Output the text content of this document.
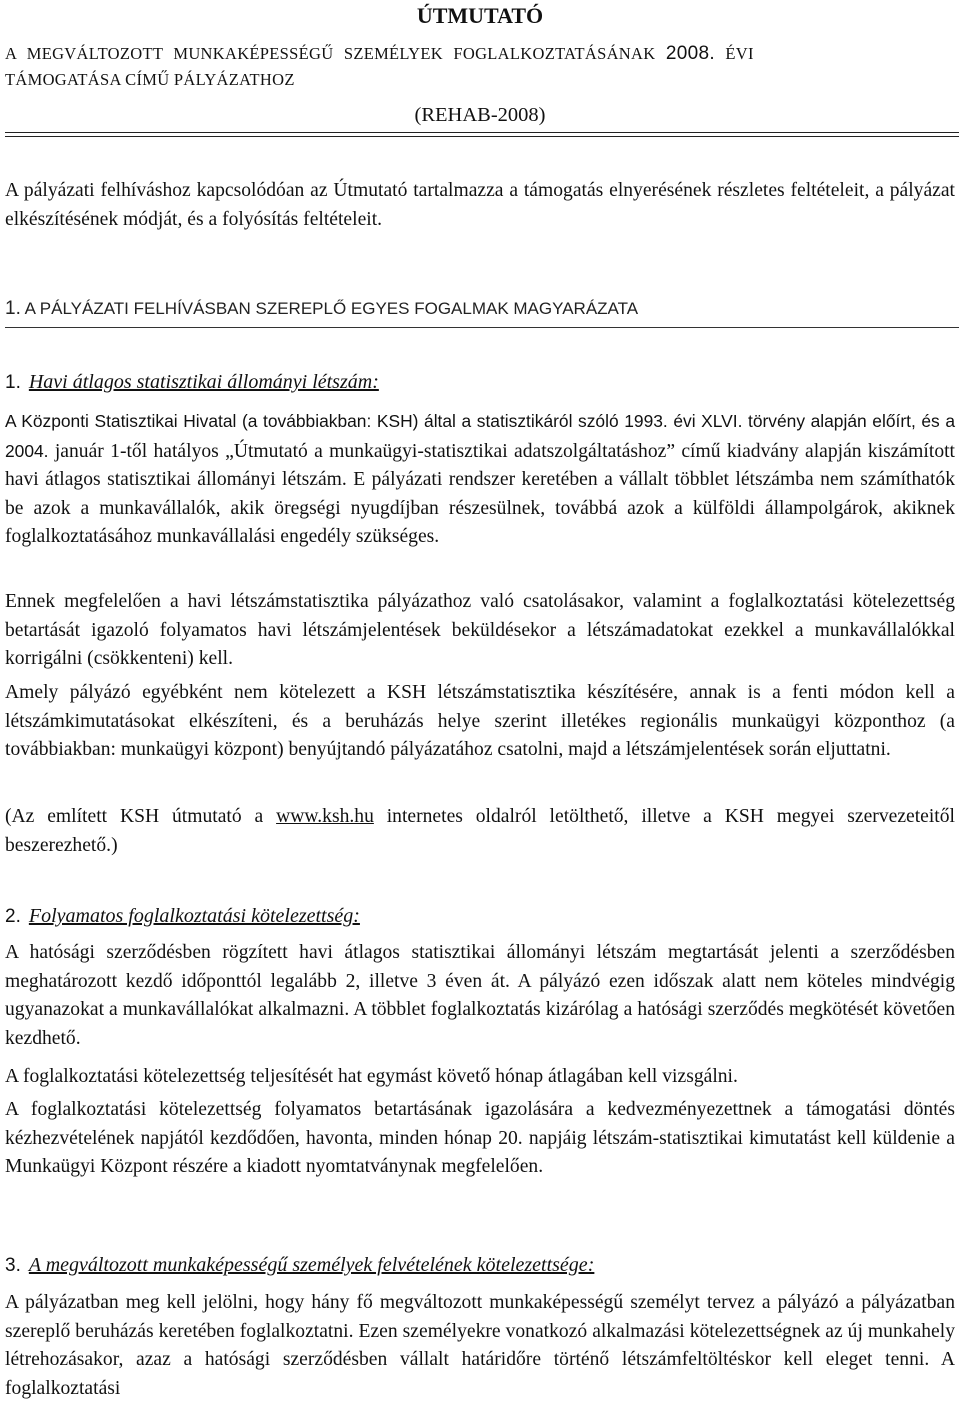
ÚTMUTATÓ
A MEGVÁLTOZOTT MUNKAKÉPESSÉGŰ SZEMÉLYEK FOGLALKOZTATÁSÁNAK 2008. ÉVI
TÁMOGATÁSA CÍMŰ PÁLYÁZATHOZ
(REHAB-2008)

A pályázati felhíváshoz kapcsolódóan az Útmutató tartalmazza a támogatás elnyerésének részletes feltételeit, a pályázat elkészítésének módját, és a folyósítás feltételeit.

1. A PÁLYÁZATI FELHÍVÁSBAN SZEREPLŐ EGYES FOGALMAK MAGYARÁZATA
1. Havi átlagos statisztikai állományi létszám:

A Központi Statisztikai Hivatal (a továbbiakban: KSH) által a statisztikáról szóló 1993. évi XLVI. törvény alapján előírt, és a 2004. január 1-től hatályos „Útmutató a munkaügyi-statisztikai adatszolgáltatáshoz” című kiadvány alapján kiszámított havi átlagos statisztikai állományi létszám. E pályázati rendszer keretében a vállalt többlet létszámba nem számíthatók be azok a munkavállalók, akik öregségi nyugdíjban részesülnek, továbbá azok a külföldi állampolgárok, akiknek foglalkoztatásához munkavállalási engedély szükséges.

Ennek megfelelően a havi létszámstatisztika pályázathoz való csatolásakor, valamint a foglalkoztatási kötelezettség betartását igazoló folyamatos havi létszámjelentések beküldésekor a létszámadatokat ezekkel a munkavállalókkal korrigálni (csökkenteni) kell.

Amely pályázó egyébként nem kötelezett a KSH létszámstatisztika készítésére, annak is a fenti módon kell a létszámkimutatásokat elkészíteni, és a beruházás helye szerint illetékes regionális munkaügyi központhoz (a továbbiakban: munkaügyi központ) benyújtandó pályázatához csatolni, majd a létszámjelentések során eljuttatni.

(Az említett KSH útmutató a www.ksh.hu internetes oldalról letölthető, illetve a KSH megyei szervezeteitől beszerezhető.)

2. Folyamatos foglalkoztatási kötelezettség:

A hatósági szerződésben rögzített havi átlagos statisztikai állományi létszám megtartását jelenti a szerződésben meghatározott kezdő időponttól legalább 2, illetve 3 éven át. A pályázó ezen időszak alatt nem köteles mindvégig ugyanazokat a munkavállalókat alkalmazni. A többlet foglalkoztatás kizárólag a hatósági szerződés megkötését követően kezdhető.

A foglalkoztatási kötelezettség teljesítését hat egymást követő hónap átlagában kell vizsgálni.

A foglalkoztatási kötelezettség folyamatos betartásának igazolására a kedvezményezettnek a támogatási döntés kézhezvételének napjától kezdődően, havonta, minden hónap 20. napjáig létszám-statisztikai kimutatást kell küldenie a Munkaügyi Központ részére a kiadott nyomtatványnak megfelelően.

3. A megváltozott munkaképességű személyek felvételének kötelezettsége:

A pályázatban meg kell jelölni, hogy hány fő megváltozott munkaképességű személyt tervez a pályázó a pályázatban szereplő beruházás keretében foglalkoztatni. Ezen személyekre vonatkozó alkalmazási kötelezettségnek az új munkahely létrehozásakor, azaz a hatósági szerződésben vállalt határidőre történő létszámfeltöltéskor kell eleget tenni. A foglalkoztatási
